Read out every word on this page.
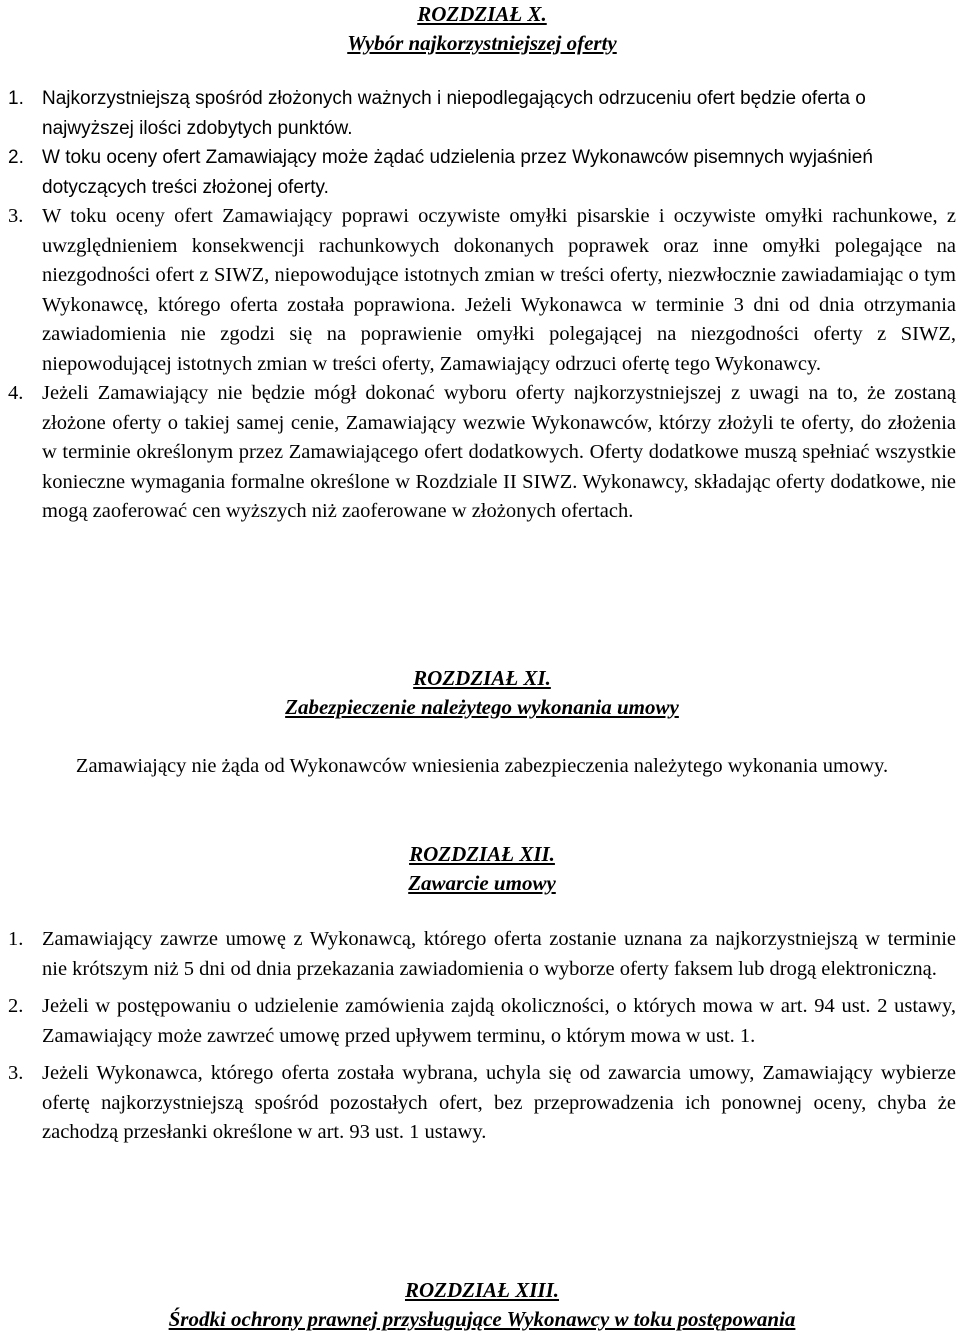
ROZDZIAŁ X.
Wybór najkorzystniejszej oferty
1. Najkorzystniejszą spośród złożonych ważnych i niepodlegających odrzuceniu ofert będzie oferta o najwyższej ilości zdobytych punktów.
2. W toku oceny ofert Zamawiający może żądać udzielenia przez Wykonawców pisemnych wyjaśnień dotyczących treści złożonej oferty.
3. W toku oceny ofert Zamawiający poprawi oczywiste omyłki pisarskie i oczywiste omyłki rachunkowe, z uwzględnieniem konsekwencji rachunkowych dokonanych poprawek oraz inne omyłki polegające na niezgodności ofert z SIWZ, niepowodujące istotnych zmian w treści oferty, niezwłocznie zawiadamiając o tym Wykonawcę, którego oferta została poprawiona. Jeżeli Wykonawca w terminie 3 dni od dnia otrzymania zawiadomienia nie zgodzi się na poprawienie omyłki polegającej na niezgodności oferty z SIWZ, niepowodującej istotnych zmian w treści oferty, Zamawiający odrzuci ofertę tego Wykonawcy.
4. Jeżeli Zamawiający nie będzie mógł dokonać wyboru oferty najkorzystniejszej z uwagi na to, że zostaną złożone oferty o takiej samej cenie, Zamawiający wezwie Wykonawców, którzy złożyli te oferty, do złożenia w terminie określonym przez Zamawiającego ofert dodatkowych. Oferty dodatkowe muszą spełniać wszystkie konieczne wymagania formalne określone w Rozdziale II SIWZ. Wykonawcy, składając oferty dodatkowe, nie mogą zaoferować cen wyższych niż zaoferowane w złożonych ofertach.
ROZDZIAŁ XI.
Zabezpieczenie należytego wykonania umowy
Zamawiający nie żąda od Wykonawców wniesienia zabezpieczenia należytego wykonania umowy.
ROZDZIAŁ XII.
Zawarcie umowy
1. Zamawiający zawrze umowę z Wykonawcą, którego oferta zostanie uznana za najkorzystniejszą w terminie nie krótszym niż 5 dni od dnia przekazania zawiadomienia o wyborze oferty faksem lub drogą elektroniczną.
2. Jeżeli w postępowaniu o udzielenie zamówienia zajdą okoliczności, o których mowa w art. 94 ust. 2 ustawy, Zamawiający może zawrzeć umowę przed upływem terminu, o którym mowa w ust. 1.
3. Jeżeli Wykonawca, którego oferta została wybrana, uchyla się od zawarcia umowy, Zamawiający wybierze ofertę najkorzystniejszą spośród pozostałych ofert, bez przeprowadzenia ich ponownej oceny, chyba że zachodzą przesłanki określone w art. 93 ust. 1 ustawy.
ROZDZIAŁ XIII.
Środki ochrony prawnej przysługujące Wykonawcy w toku postępowania
